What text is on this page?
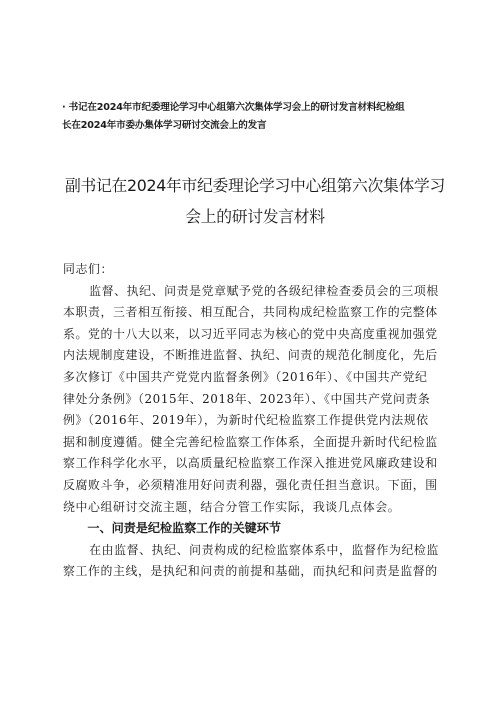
· 书记在2024年市纪委理论学习中心组第六次集体学习会上的研讨发言材料纪检组
长在2024年市委办集体学习研讨交流会上的发言
副书记在2024年市纪委理论学习中心组第六次集体学习
会上的研讨发言材料
同志们：
监督、执纪、问责是党章赋予党的各级纪律检查委员会的三项根
本职责，三者相互衔接、相互配合，共同构成纪检监察工作的完整体
系。党的十八大以来，以习近平同志为核心的党中央高度重视加强党
内法规制度建设，不断推进监督、执纪、问责的规范化制度化，先后
多次修订《中国共产党党内监督条例》（2016年）、《中国共产党纪
律处分条例》（2015年、2018年、2023年）、《中国共产党问责条
例》（2016年、2019年），为新时代纪检监察工作提供党内法规依
据和制度遵循。健全完善纪检监察工作体系，全面提升新时代纪检监
察工作科学化水平，以高质量纪检监察工作深入推进党风廉政建设和
反腐败斗争，必须精准用好问责利器，强化责任担当意识。下面，围
绕中心组研讨交流主题，结合分管工作实际，我谈几点体会。
一、问责是纪检监察工作的关键环节
在由监督、执纪、问责构成的纪检监察体系中，监督作为纪检监
察工作的主线，是执纪和问责的前提和基础，而执纪和问责是监督的
